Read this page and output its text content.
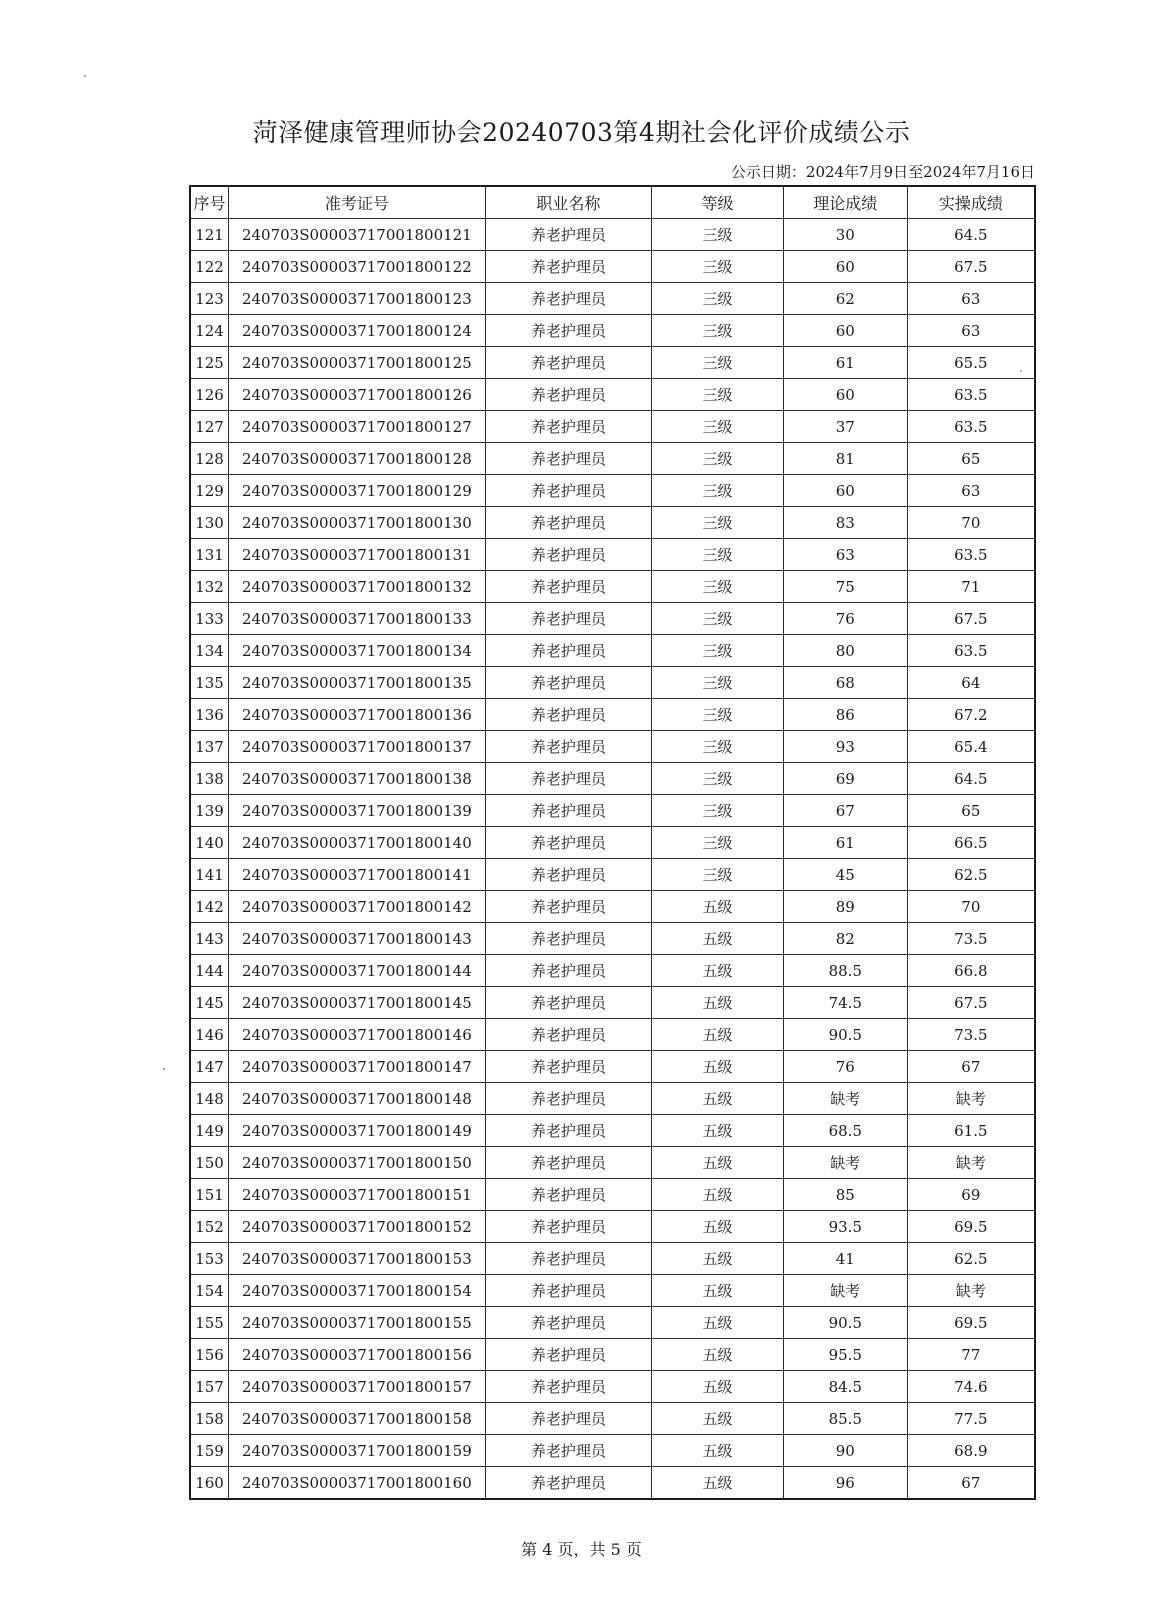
菏泽健康管理师协会20240703第4期社会化评价成绩公示
公示日期：2024年7月9日至2024年7月16日
序号	准考证号	职业名称	等级	理论成绩	实操成绩
121	240703S00003717001800121	养老护理员	三级	30	64.5
122	240703S00003717001800122	养老护理员	三级	60	67.5
123	240703S00003717001800123	养老护理员	三级	62	63
124	240703S00003717001800124	养老护理员	三级	60	63
125	240703S00003717001800125	养老护理员	三级	61	65.5
126	240703S00003717001800126	养老护理员	三级	60	63.5
127	240703S00003717001800127	养老护理员	三级	37	63.5
128	240703S00003717001800128	养老护理员	三级	81	65
129	240703S00003717001800129	养老护理员	三级	60	63
130	240703S00003717001800130	养老护理员	三级	83	70
131	240703S00003717001800131	养老护理员	三级	63	63.5
132	240703S00003717001800132	养老护理员	三级	75	71
133	240703S00003717001800133	养老护理员	三级	76	67.5
134	240703S00003717001800134	养老护理员	三级	80	63.5
135	240703S00003717001800135	养老护理员	三级	68	64
136	240703S00003717001800136	养老护理员	三级	86	67.2
137	240703S00003717001800137	养老护理员	三级	93	65.4
138	240703S00003717001800138	养老护理员	三级	69	64.5
139	240703S00003717001800139	养老护理员	三级	67	65
140	240703S00003717001800140	养老护理员	三级	61	66.5
141	240703S00003717001800141	养老护理员	三级	45	62.5
142	240703S00003717001800142	养老护理员	五级	89	70
143	240703S00003717001800143	养老护理员	五级	82	73.5
144	240703S00003717001800144	养老护理员	五级	88.5	66.8
145	240703S00003717001800145	养老护理员	五级	74.5	67.5
146	240703S00003717001800146	养老护理员	五级	90.5	73.5
147	240703S00003717001800147	养老护理员	五级	76	67
148	240703S00003717001800148	养老护理员	五级	缺考	缺考
149	240703S00003717001800149	养老护理员	五级	68.5	61.5
150	240703S00003717001800150	养老护理员	五级	缺考	缺考
151	240703S00003717001800151	养老护理员	五级	85	69
152	240703S00003717001800152	养老护理员	五级	93.5	69.5
153	240703S00003717001800153	养老护理员	五级	41	62.5
154	240703S00003717001800154	养老护理员	五级	缺考	缺考
155	240703S00003717001800155	养老护理员	五级	90.5	69.5
156	240703S00003717001800156	养老护理员	五级	95.5	77
157	240703S00003717001800157	养老护理员	五级	84.5	74.6
158	240703S00003717001800158	养老护理员	五级	85.5	77.5
159	240703S00003717001800159	养老护理员	五级	90	68.9
160	240703S00003717001800160	养老护理员	五级	96	67
第 4 页，共 5 页
